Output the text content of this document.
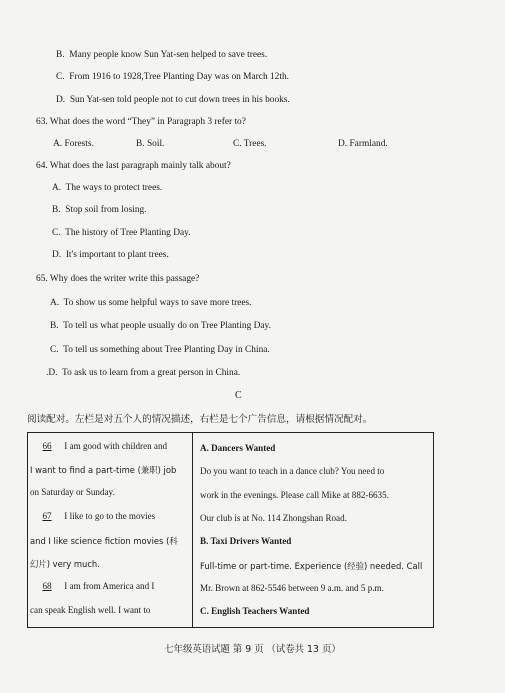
B. Many people know Sun Yat-sen helped to save trees.
C. From 1916 to 1928,Tree Planting Day was on March 12th.
D. Sun Yat-sen told people not to cut down trees in his books.
63. What does the word “They” in Paragraph 3 refer to?
A. Forests.	B. Soil.	C. Trees.	D. Farmland.
64. What does the last paragraph mainly talk about?
A. The ways to protect trees.
B. Stop soil from losing.
C. The history of Tree Planting Day.
D. It's important to plant trees.
65. Why does the writer write this passage?
A. To show us some helpful ways to save more trees.
B. To tell us what people usually do on Tree Planting Day.
C. To tell us something about Tree Planting Day in China.
.D. To ask us to learn from a great person in China.
C
阅读配对。左栏是对五个人的情况描述，右栏是七个广告信息，请根据情况配对。
66 I am good with children and
I want to find a part-time (兼职) job
on Saturday or Sunday.
67 I like to go to the movies
and I like science fiction movies (科
幻片) very much.
68 I am from America and I
can speak English well. I want to
A. Dancers Wanted
Do you want to teach in a dance club? You need to
work in the evenings. Please call Mike at 882-6635.
Our club is at No. 114 Zhongshan Road.
B. Taxi Drivers Wanted
Full-time or part-time. Experience (经验) needed. Call
Mr. Brown at 862-5546 between 9 a.m. and 5 p.m.
C. English Teachers Wanted
七年级英语试题 第 9 页 （试卷共 13 页）
